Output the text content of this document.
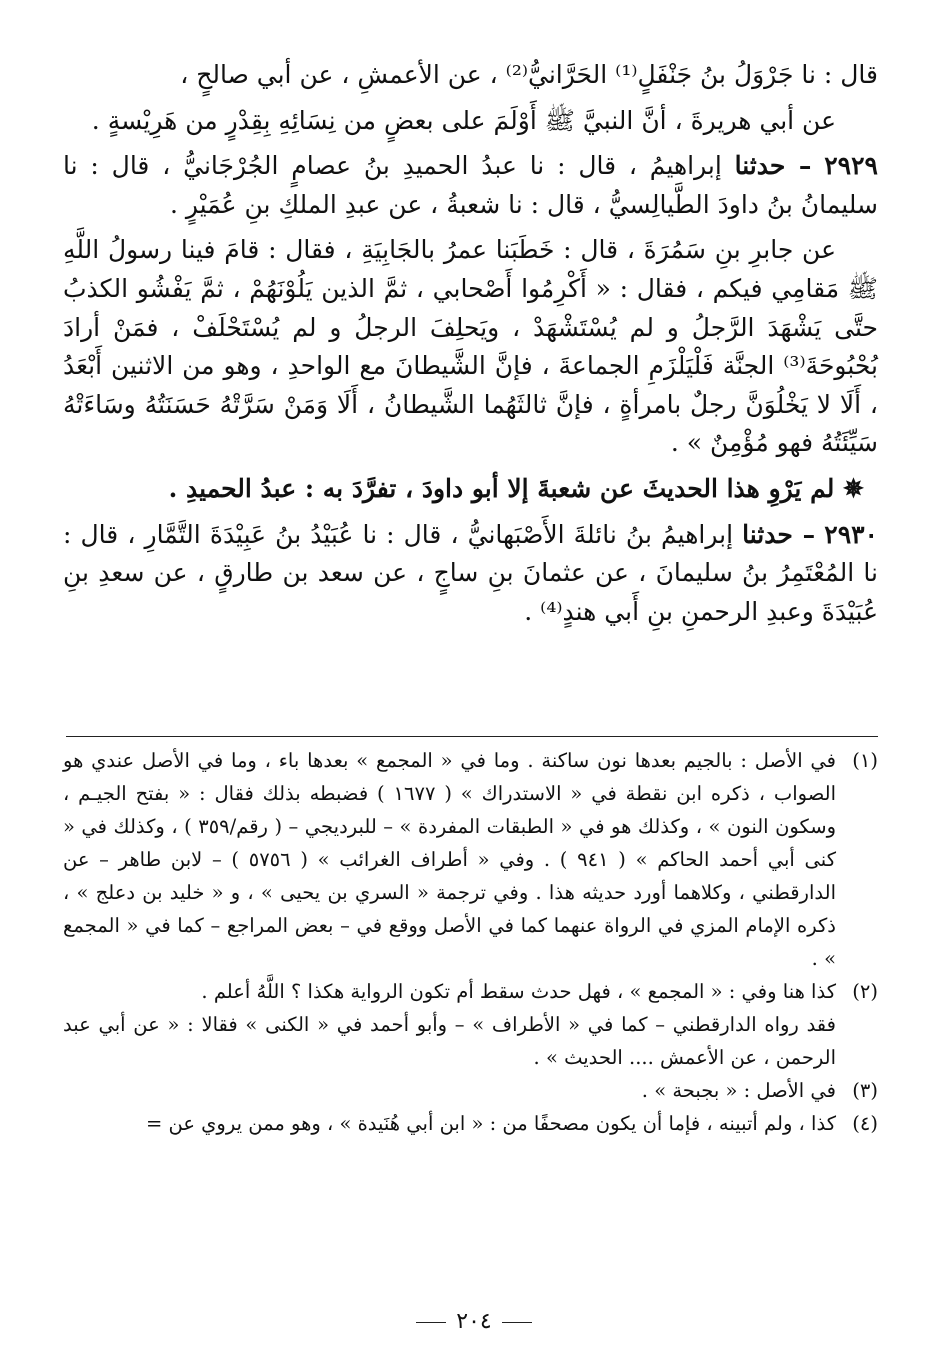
قال : نا جَرْوَلُ بنُ جَنْفَلٍ⁽¹⁾ الحَرَّانيُّ⁽²⁾ ، عن الأعمشِ ، عن أبي صالحٍ ،

عن أبي هريرةَ ، أنَّ النبيَّ ﷺ أَوْلَمَ على بعضٍ من نِسَائِهِ بِقِدْرٍ من هَرِيْسةٍ .

٢٩٢٩ – حدثنا إبراهيمُ ، قال : نا عبدُ الحميدِ بنُ عصامٍ الجُرْجَانيُّ ، قال : نا سليمانُ بنُ داودَ الطَّيالِسيُّ ، قال : نا شعبةُ ، عن عبدِ الملكِ بنِ عُمَيْرٍ .

عن جابرِ بنِ سَمُرَةَ ، قال : خَطَبَنا عمرُ بالجَابِيَةِ ، فقال : قامَ فينا رسولُ اللَّهِ ﷺ مَقامِي فيكم ، فقال : « أَكْرِمُوا أَصْحابي ، ثمَّ الذين يَلُوْنَهُمْ ، ثمَّ يَفْشُو الكذبُ حتَّى يَشْهَدَ الرَّجلُ و لم يُسْتَشْهَدْ ، ويَحلِفَ الرجلُ و لم يُسْتَحْلَفْ ، فمَنْ أرادَ بُحْبُوحَةَ⁽³⁾ الجنَّة فَلْيَلْزَمِ الجماعةَ ، فإنَّ الشَّيطانَ مع الواحدِ ، وهو من الاثنين أَبْعَدُ ، أَلَا لا يَخْلُوَنَّ رجلٌ بامرأةٍ ، فإنَّ ثالثَهُما الشَّيطانُ ، أَلَا وَمَنْ سَرَّتْهُ حَسَنَتُهُ وسَاءَتْهُ سَيِّئَتُهُ فهو مُؤْمِنٌ » .

✵ لم يَرْوِ هذا الحديثَ عن شعبةَ إلا أبو داودَ ، تفرَّدَ به : عبدُ الحميدِ .

٢٩٣٠ – حدثنا إبراهيمُ بنُ نائلةَ الأَصْبَهانيُّ ، قال : نا عُبَيْدُ بنُ عَبِيْدَةَ التَّمَّارِ ، قال : نا المُعْتَمِرُ بنُ سليمانَ ، عن عثمانَ بنِ ساجٍ ، عن سعد بن طارقٍ ، عن سعدِ بنِ عُبَيْدَةَ وعبدِ الرحمنِ بنِ أَبي هندٍ⁽⁴⁾ .

(١)
في الأصل : بالجيم بعدها نون ساكنة . وما في « المجمع » بعدها باء ، وما في الأصل عندي هو الصواب ، ذكره ابن نقطة في « الاستدراك » ( ١٦٧٧ ) فضبطه بذلك فقال : « بفتح الجيـم ، وسكون النون » ، وكذلك هو في « الطبقات المفردة » – للبرديجي – ( رقم/٣٥٩ ) ، وكذلك في « كنى أبي أحمد الحاكم » ( ٩٤١ ) . وفي « أطراف الغرائب » ( ٥٧٥٦ ) – لابن طاهر – عن الدارقطني ، وكلاهما أورد حديثه هذا . وفي ترجمة « السري بن يحيى » ، و « خليد بن دعلج » ، ذكره الإمام المزي في الرواة عنهما كما في الأصل ووقع في – بعض المراجع – كما في « المجمع » .
(٢)
كذا هنا وفي : « المجمع » ، فهل حدث سقط أم تكون الرواية هكذا ؟ اللَّهُ أعلم .

فقد رواه الدارقطني – كما في « الأطراف » – وأبو أحمد في « الكنى » فقالا : « عن أبي عبد الرحمن ، عن الأعمش .... الحديث » .

(٣)
في الأصل : « بجبحة » .
(٤)
كذا ، ولم أتبينه ، فإما أن يكون مصحفًا من : « ابن أبي هُنَيدة » ، وهو ممن يروي عن =
٢٠٤
